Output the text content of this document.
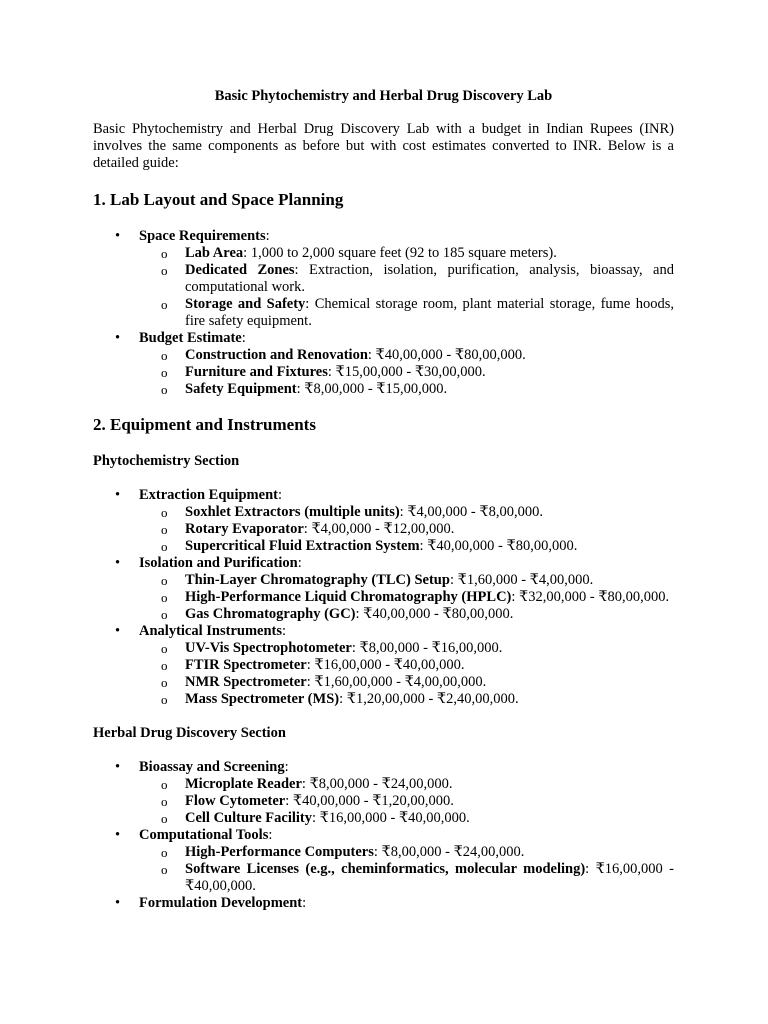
Basic Phytochemistry and Herbal Drug Discovery Lab
Basic Phytochemistry and Herbal Drug Discovery Lab with a budget in Indian Rupees (INR) involves the same components as before but with cost estimates converted to INR. Below is a detailed guide:
1. Lab Layout and Space Planning
• Space Requirements:
o Lab Area: 1,000 to 2,000 square feet (92 to 185 square meters).
o Dedicated Zones: Extraction, isolation, purification, analysis, bioassay, and computational work.
o Storage and Safety: Chemical storage room, plant material storage, fume hoods, fire safety equipment.
• Budget Estimate:
o Construction and Renovation: ₹40,00,000 - ₹80,00,000.
o Furniture and Fixtures: ₹15,00,000 - ₹30,00,000.
o Safety Equipment: ₹8,00,000 - ₹15,00,000.
2. Equipment and Instruments
Phytochemistry Section
• Extraction Equipment:
o Soxhlet Extractors (multiple units): ₹4,00,000 - ₹8,00,000.
o Rotary Evaporator: ₹4,00,000 - ₹12,00,000.
o Supercritical Fluid Extraction System: ₹40,00,000 - ₹80,00,000.
• Isolation and Purification:
o Thin-Layer Chromatography (TLC) Setup: ₹1,60,000 - ₹4,00,000.
o High-Performance Liquid Chromatography (HPLC): ₹32,00,000 - ₹80,00,000.
o Gas Chromatography (GC): ₹40,00,000 - ₹80,00,000.
• Analytical Instruments:
o UV-Vis Spectrophotometer: ₹8,00,000 - ₹16,00,000.
o FTIR Spectrometer: ₹16,00,000 - ₹40,00,000.
o NMR Spectrometer: ₹1,60,00,000 - ₹4,00,00,000.
o Mass Spectrometer (MS): ₹1,20,00,000 - ₹2,40,00,000.
Herbal Drug Discovery Section
• Bioassay and Screening:
o Microplate Reader: ₹8,00,000 - ₹24,00,000.
o Flow Cytometer: ₹40,00,000 - ₹1,20,00,000.
o Cell Culture Facility: ₹16,00,000 - ₹40,00,000.
• Computational Tools:
o High-Performance Computers: ₹8,00,000 - ₹24,00,000.
o Software Licenses (e.g., cheminformatics, molecular modeling): ₹16,00,000 - ₹40,00,000.
• Formulation Development:
